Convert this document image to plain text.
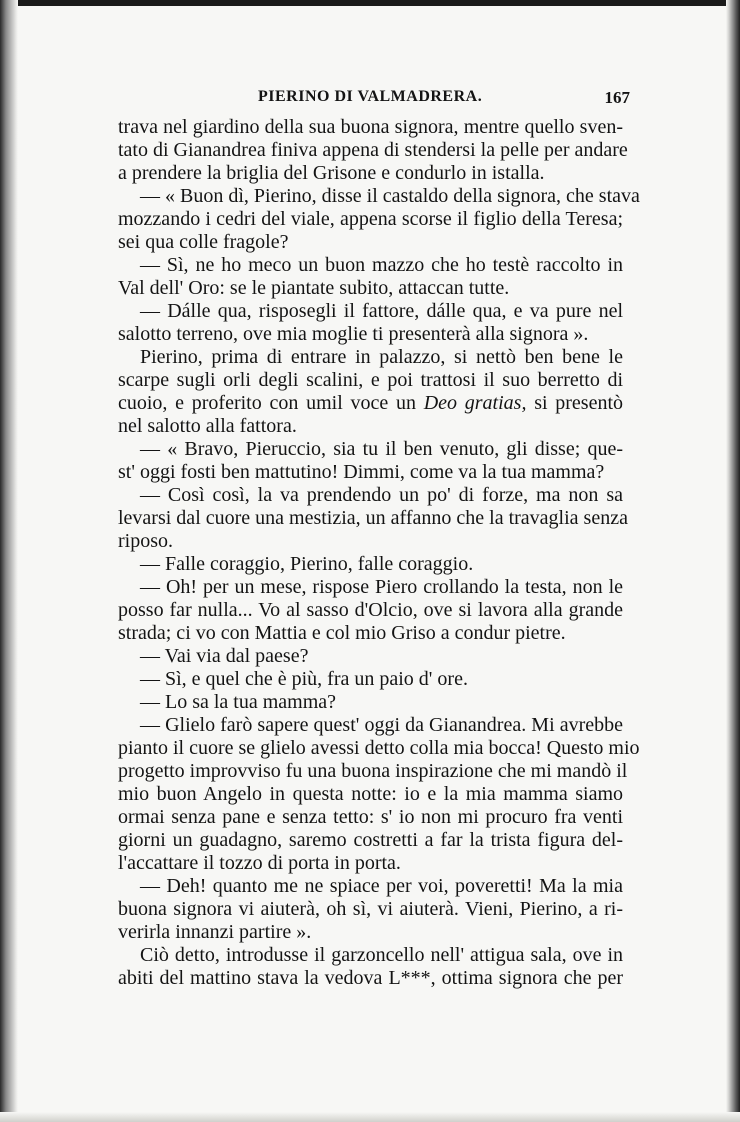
PIERINO DI VALMADRERA.	167
trava nel giardino della sua buona signora, mentre quello sven-
tato di Gianandrea finiva appena di stendersi la pelle per andare
a prendere la briglia del Grisone e condurlo in istalla.
— « Buon dì, Pierino, disse il castaldo della signora, che stava
mozzando i cedri del viale, appena scorse il figlio della Teresa;
sei qua colle fragole?
— Sì, ne ho meco un buon mazzo che ho testè raccolto in
Val dell' Oro: se le piantate subito, attaccan tutte.
— Dálle qua, risposegli il fattore, dálle qua, e va pure nel
salotto terreno, ove mia moglie ti presenterà alla signora ».
Pierino, prima di entrare in palazzo, si nettò ben bene le
scarpe sugli orli degli scalini, e poi trattosi il suo berretto di
cuoio, e proferito con umil voce un Deo gratias, si presentò
nel salotto alla fattora.
— « Bravo, Pieruccio, sia tu il ben venuto, gli disse; que-
st' oggi fosti ben mattutino! Dimmi, come va la tua mamma?
— Così così, la va prendendo un po' di forze, ma non sa
levarsi dal cuore una mestizia, un affanno che la travaglia senza
riposo.
— Falle coraggio, Pierino, falle coraggio.
— Oh! per un mese, rispose Piero crollando la testa, non le
posso far nulla... Vo al sasso d'Olcio, ove si lavora alla grande
strada; ci vo con Mattia e col mio Griso a condur pietre.
— Vai via dal paese?
— Sì, e quel che è più, fra un paio d' ore.
— Lo sa la tua mamma?
— Glielo farò sapere quest' oggi da Gianandrea. Mi avrebbe
pianto il cuore se glielo avessi detto colla mia bocca! Questo mio
progetto improvviso fu una buona inspirazione che mi mandò il
mio buon Angelo in questa notte: io e la mia mamma siamo
ormai senza pane e senza tetto: s' io non mi procuro fra venti
giorni un guadagno, saremo costretti a far la trista figura del-
l'accattare il tozzo di porta in porta.
— Deh! quanto me ne spiace per voi, poveretti! Ma la mia
buona signora vi aiuterà, oh sì, vi aiuterà. Vieni, Pierino, a ri-
verirla innanzi partire ».
Ciò detto, introdusse il garzoncello nell' attigua sala, ove in
abiti del mattino stava la vedova L***, ottima signora che per
